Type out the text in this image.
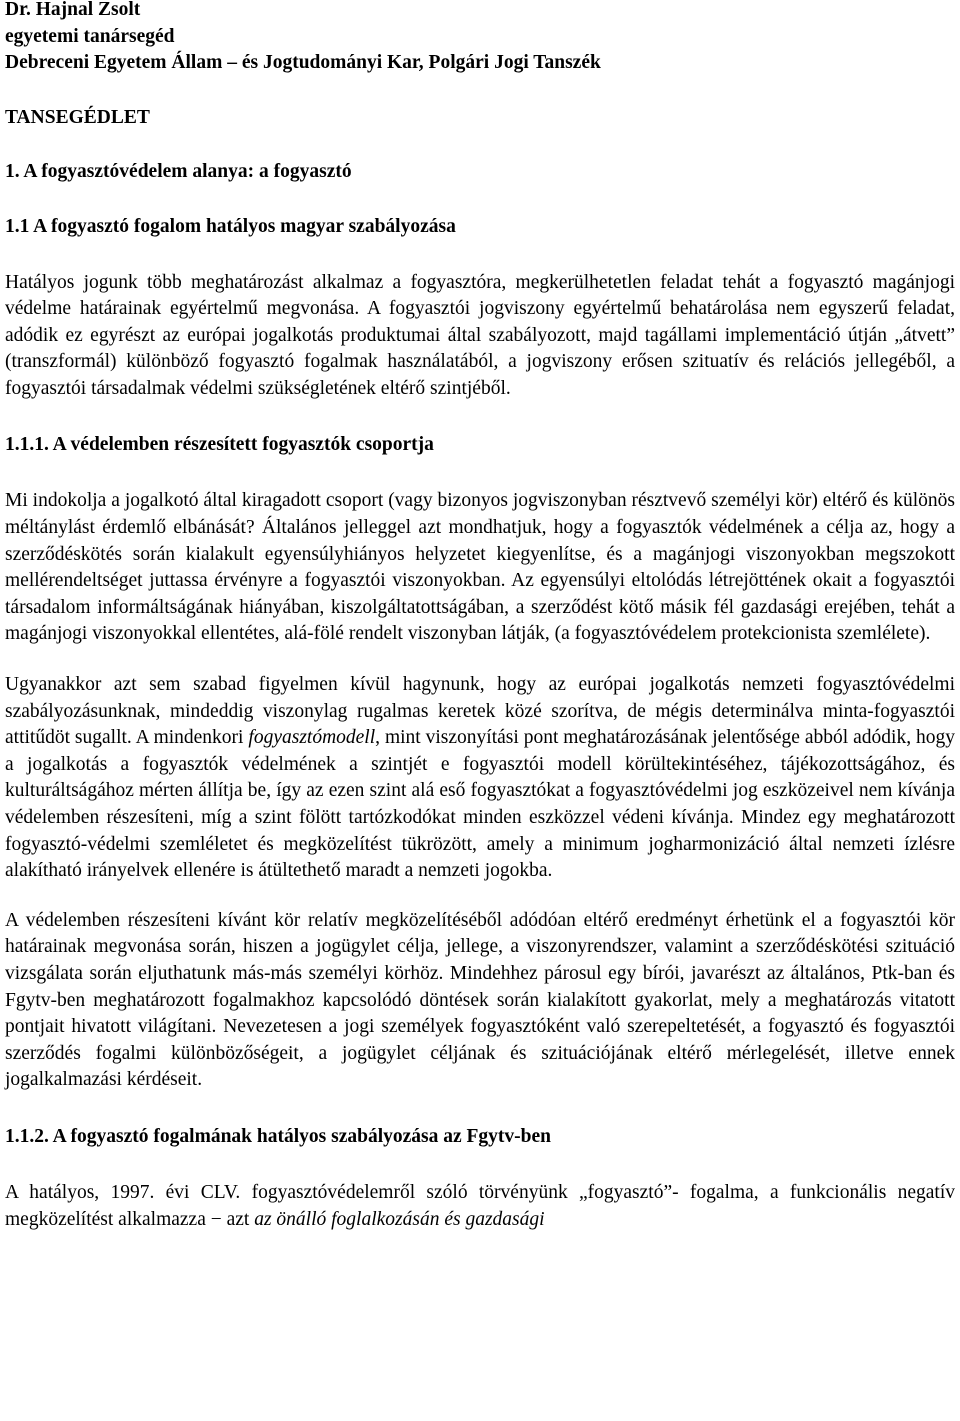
Dr. Hajnal Zsolt
egyetemi tanársegéd
Debreceni Egyetem Állam – és Jogtudományi Kar, Polgári Jogi Tanszék
TANSEGÉDLET
1. A fogyasztóvédelem alanya: a fogyasztó
1.1 A fogyasztó fogalom hatályos magyar szabályozása

Hatályos jogunk több meghatározást alkalmaz a fogyasztóra, megkerülhetetlen feladat tehát a fogyasztó magánjogi védelme határainak egyértelmű megvonása. A fogyasztói jogviszony egyértelmű behatárolása nem egyszerű feladat, adódik ez egyrészt az európai jogalkotás produktumai által szabályozott, majd tagállami implementáció útján „átvett” (transzformál) különböző fogyasztó fogalmak használatából, a jogviszony erősen szituatív és relációs jellegéből, a fogyasztói társadalmak védelmi szükségletének eltérő szintjéből.

1.1.1. A védelemben részesített fogyasztók csoportja

Mi indokolja a jogalkotó által kiragadott csoport (vagy bizonyos jogviszonyban résztvevő személyi kör) eltérő és különös méltánylást érdemlő elbánását? Általános jelleggel azt mondhatjuk, hogy a fogyasztók védelmének a célja az, hogy a szerződéskötés során kialakult egyensúlyhiányos helyzetet kiegyenlítse, és a magánjogi viszonyokban megszokott mellérendeltséget juttassa érvényre a fogyasztói viszonyokban. Az egyensúlyi eltolódás létrejöttének okait a fogyasztói társadalom informáltságának hiányában, kiszolgáltatottságában, a szerződést kötő másik fél gazdasági erejében, tehát a magánjogi viszonyokkal ellentétes, alá-fölé rendelt viszonyban látják, (a fogyasztóvédelem protekcionista szemlélete).

Ugyanakkor azt sem szabad figyelmen kívül hagynunk, hogy az európai jogalkotás nemzeti fogyasztóvédelmi szabályozásunknak, mindeddig viszonylag rugalmas keretek közé szorítva, de mégis determinálva minta-fogyasztói attitűdöt sugallt. A mindenkori fogyasztómodell, mint viszonyítási pont meghatározásának jelentősége abból adódik, hogy a jogalkotás a fogyasztók védelmének a szintjét e fogyasztói modell körültekintéséhez, tájékozottságához, és kulturáltságához mérten állítja be, így az ezen szint alá eső fogyasztókat a fogyasztóvédelmi jog eszközeivel nem kívánja védelemben részesíteni, míg a szint fölött tartózkodókat minden eszközzel védeni kívánja. Mindez egy meghatározott fogyasztó-védelmi szemléletet és megközelítést tükrözött, amely a minimum jogharmonizáció által nemzeti ízlésre alakítható irányelvek ellenére is átültethető maradt a nemzeti jogokba.

A védelemben részesíteni kívánt kör relatív megközelítéséből adódóan eltérő eredményt érhetünk el a fogyasztói kör határainak megvonása során, hiszen a jogügylet célja, jellege, a viszonyrendszer, valamint a szerződéskötési szituáció vizsgálata során eljuthatunk más-más személyi körhöz. Mindehhez párosul egy bírói, javarészt az általános, Ptk-ban és Fgytv-ben meghatározott fogalmakhoz kapcsolódó döntések során kialakított gyakorlat, mely a meghatározás vitatott pontjait hivatott világítani. Nevezetesen a jogi személyek fogyasztóként való szerepeltetését, a fogyasztó és fogyasztói szerződés fogalmi különbözőségeit, a jogügylet céljának és szituációjának eltérő mérlegelését, illetve ennek jogalkalmazási kérdéseit.

1.1.2. A fogyasztó fogalmának hatályos szabályozása az Fgytv-ben

A hatályos, 1997. évi CLV. fogyasztóvédelemről szóló törvényünk „fogyasztó”- fogalma, a funkcionális negatív megközelítést alkalmazza − azt az önálló foglalkozásán és gazdasági
